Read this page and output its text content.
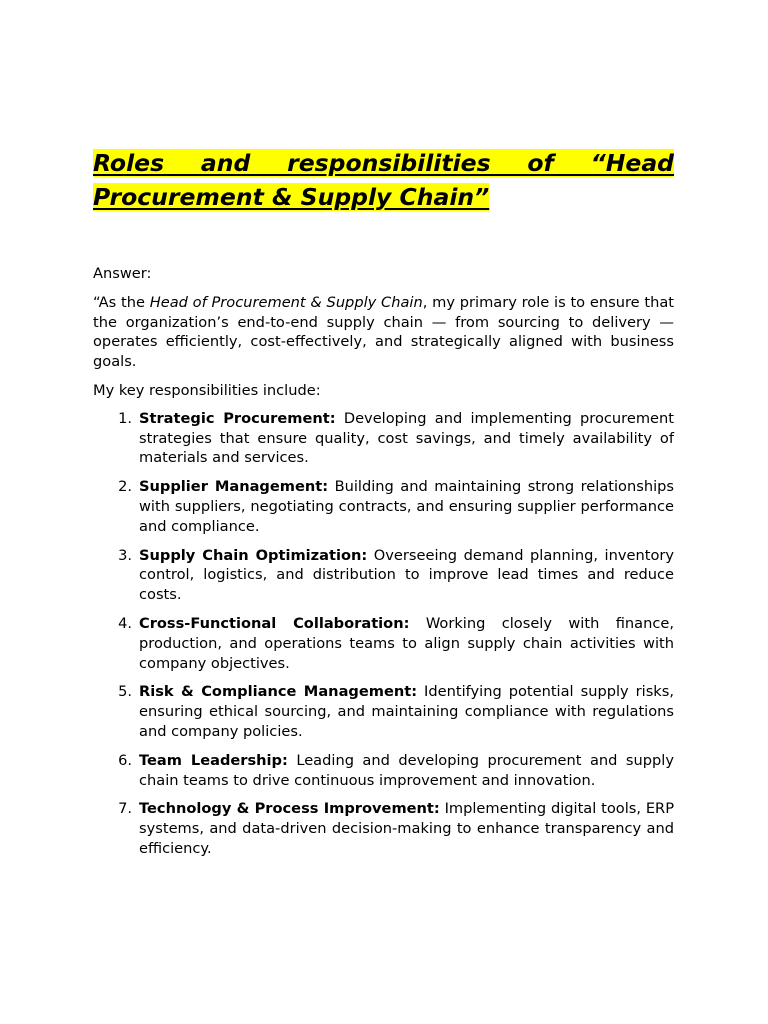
Roles and responsibilities of “Head Procurement & Supply Chain”

Answer:

“As the Head of Procurement & Supply Chain, my primary role is to ensure that the organization’s end-to-end supply chain — from sourcing to delivery — operates efficiently, cost-effectively, and strategically aligned with business goals.

My key responsibilities include:

1. Strategic Procurement: Developing and implementing procurement strategies that ensure quality, cost savings, and timely availability of materials and services.
2. Supplier Management: Building and maintaining strong relationships with suppliers, negotiating contracts, and ensuring supplier performance and compliance.
3. Supply Chain Optimization: Overseeing demand planning, inventory control, logistics, and distribution to improve lead times and reduce costs.
4. Cross-Functional Collaboration: Working closely with finance, production, and operations teams to align supply chain activities with company objectives.
5. Risk & Compliance Management: Identifying potential supply risks, ensuring ethical sourcing, and maintaining compliance with regulations and company policies.
6. Team Leadership: Leading and developing procurement and supply chain teams to drive continuous improvement and innovation.
7. Technology & Process Improvement: Implementing digital tools, ERP systems, and data-driven decision-making to enhance transparency and efficiency.
